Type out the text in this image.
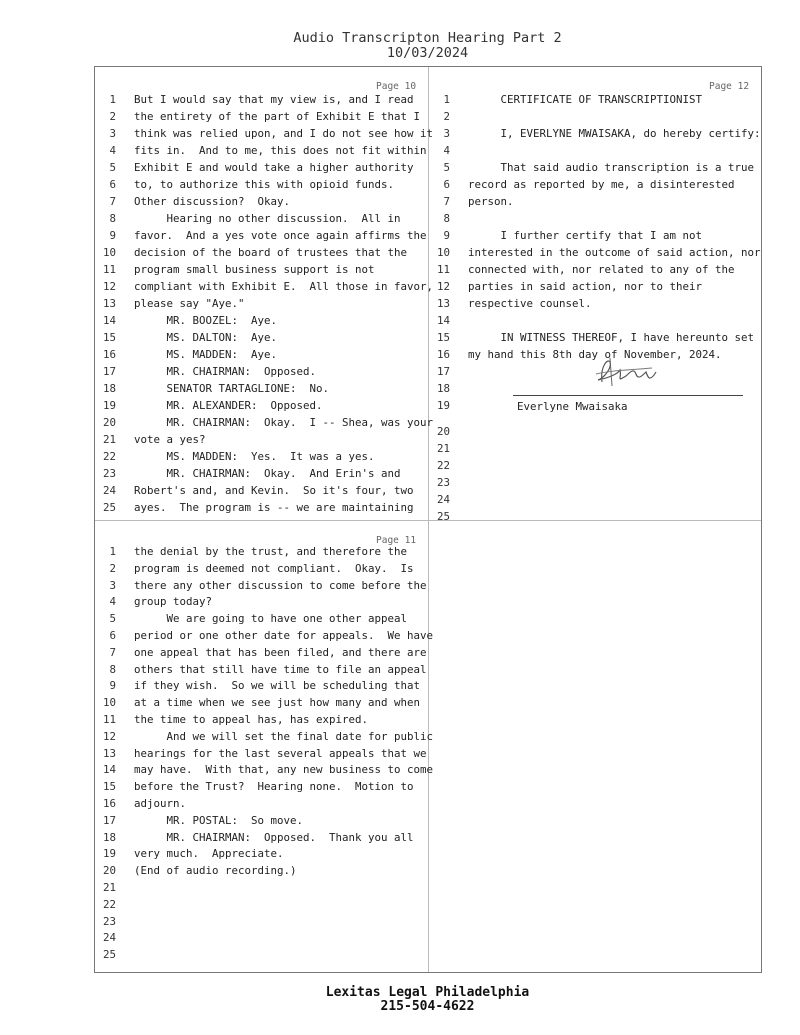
Audio Transcripton Hearing Part 2
10/03/2024
Page 10	Page 12
Page 11
Everlyne Mwaisaka
Lexitas Legal Philadelphia
215-504-4622
1 But I would say that my view is, and I read
2 the entirety of the part of Exhibit E that I
3 think was relied upon, and I do not see how it
4 fits in.  And to me, this does not fit within
5 Exhibit E and would take a higher authority
6 to, to authorize this with opioid funds.
7 Other discussion?  Okay.
8 Hearing no other discussion.  All in
9 favor.  And a yes vote once again affirms the
10 decision of the board of trustees that the
11 program small business support is not
12 compliant with Exhibit E.  All those in favor,
13 please say "Aye."
14 MR. BOOZEL:  Aye.
15 MS. DALTON:  Aye.
16 MS. MADDEN:  Aye.
17 MR. CHAIRMAN:  Opposed.
18 SENATOR TARTAGLIONE:  No.
19 MR. ALEXANDER:  Opposed.
20 MR. CHAIRMAN:  Okay.  I -- Shea, was your
21 vote a yes?
22 MS. MADDEN:  Yes.  It was a yes.
23 MR. CHAIRMAN:  Okay.  And Erin's and
24 Robert's and, and Kevin.  So it's four, two
25 ayes.  The program is -- we are maintaining
1 the denial by the trust, and therefore the
2 program is deemed not compliant.  Okay.  Is
3 there any other discussion to come before the
4 group today?
5 We are going to have one other appeal
6 period or one other date for appeals.  We have
7 one appeal that has been filed, and there are
8 others that still have time to file an appeal
9 if they wish.  So we will be scheduling that
10 at a time when we see just how many and when
11 the time to appeal has, has expired.
12 And we will set the final date for public
13 hearings for the last several appeals that we
14 may have.  With that, any new business to come
15 before the Trust?  Hearing none.  Motion to
16 adjourn.
17 MR. POSTAL:  So move.
18 MR. CHAIRMAN:  Opposed.  Thank you all
19 very much.  Appreciate.
20 (End of audio recording.)
21
22
23
24
25
1 CERTIFICATE OF TRANSCRIPTIONIST
2
3 I, EVERLYNE MWAISAKA, do hereby certify:
4
5 That said audio transcription is a true
6 record as reported by me, a disinterested
7 person.
8
9 I further certify that I am not
10 interested in the outcome of said action, nor
11 connected with, nor related to any of the
12 parties in said action, nor to their
13 respective counsel.
14
15 IN WITNESS THEREOF, I have hereunto set
16 my hand this 8th day of November, 2024.
17
18
19
20
21
22
23
24
25
